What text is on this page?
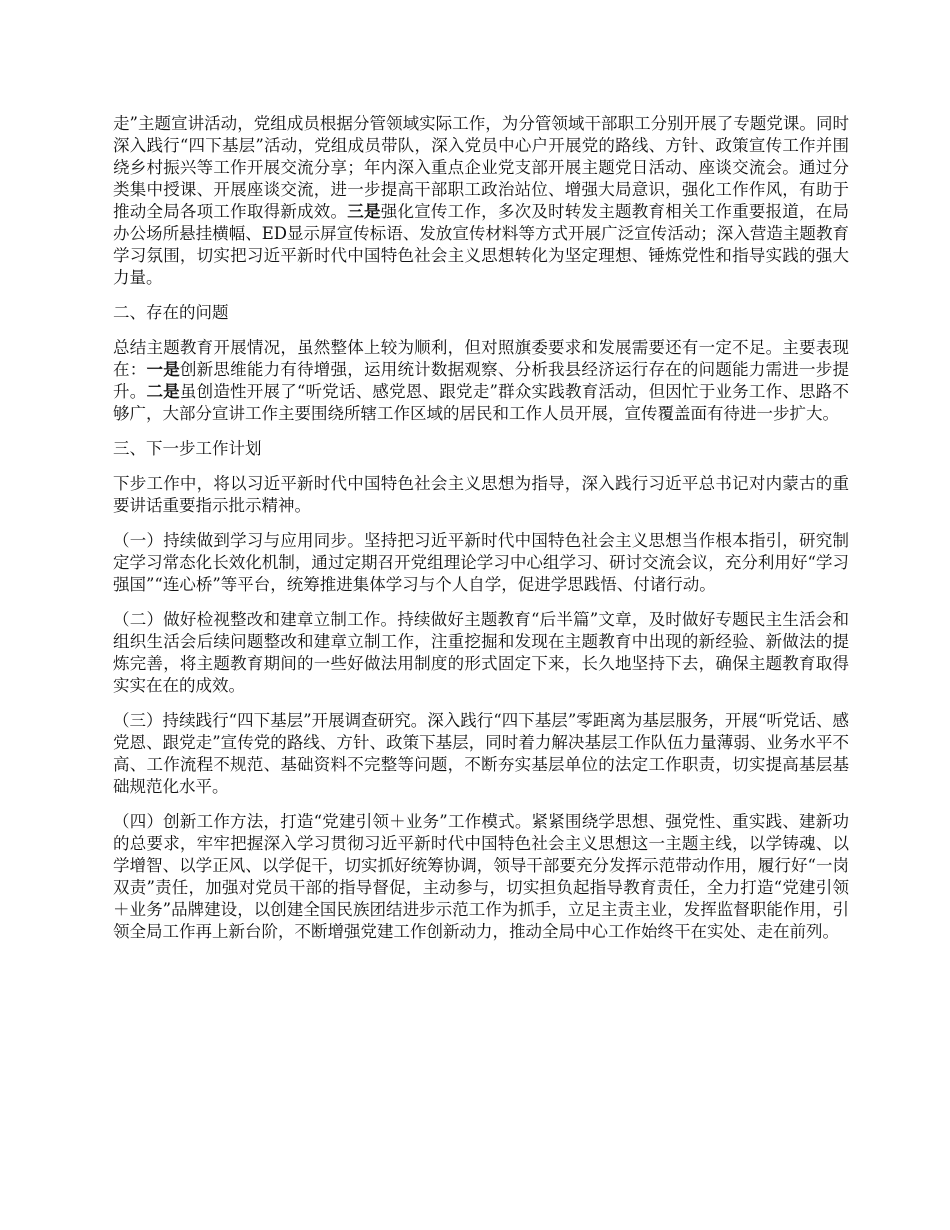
走”主题宣讲活动，党组成员根据分管领域实际工作，为分管领域干部职工分别开展了专题党课。同时深入践行“四下基层”活动，党组成员带队，深入党员中心户开展党的路线、方针、政策宣传工作并围绕乡村振兴等工作开展交流分享；年内深入重点企业党支部开展主题党日活动、座谈交流会。通过分类集中授课、开展座谈交流，进一步提高干部职工政治站位、增强大局意识，强化工作作风，有助于推动全局各项工作取得新成效。三是强化宣传工作，多次及时转发主题教育相关工作重要报道，在局办公场所悬挂横幅、ED显示屏宣传标语、发放宣传材料等方式开展广泛宣传活动；深入营造主题教育学习氛围，切实把习近平新时代中国特色社会主义思想转化为坚定理想、锤炼党性和指导实践的强大力量。

二、存在的问题

总结主题教育开展情况，虽然整体上较为顺利，但对照旗委要求和发展需要还有一定不足。主要表现在：一是创新思维能力有待增强，运用统计数据观察、分析我县经济运行存在的问题能力需进一步提升。二是虽创造性开展了“听党话、感党恩、跟党走”群众实践教育活动，但因忙于业务工作、思路不够广，大部分宣讲工作主要围绕所辖工作区域的居民和工作人员开展，宣传覆盖面有待进一步扩大。

三、下一步工作计划

下步工作中，将以习近平新时代中国特色社会主义思想为指导，深入践行习近平总书记对内蒙古的重要讲话重要指示批示精神。

（一）持续做到学习与应用同步。坚持把习近平新时代中国特色社会主义思想当作根本指引，研究制定学习常态化长效化机制，通过定期召开党组理论学习中心组学习、研讨交流会议，充分利用好“学习强国”“连心桥”等平台，统筹推进集体学习与个人自学，促进学思践悟、付诸行动。

（二）做好检视整改和建章立制工作。持续做好主题教育“后半篇”文章，及时做好专题民主生活会和组织生活会后续问题整改和建章立制工作，注重挖掘和发现在主题教育中出现的新经验、新做法的提炼完善，将主题教育期间的一些好做法用制度的形式固定下来，长久地坚持下去，确保主题教育取得实实在在的成效。

（三）持续践行“四下基层”开展调查研究。深入践行“四下基层”零距离为基层服务，开展“听党话、感党恩、跟党走”宣传党的路线、方针、政策下基层，同时着力解决基层工作队伍力量薄弱、业务水平不高、工作流程不规范、基础资料不完整等问题，不断夯实基层单位的法定工作职责，切实提高基层基础规范化水平。

（四）创新工作方法，打造“党建引领＋业务”工作模式。紧紧围绕学思想、强党性、重实践、建新功的总要求，牢牢把握深入学习贯彻习近平新时代中国特色社会主义思想这一主题主线，以学铸魂、以学增智、以学正风、以学促干，切实抓好统筹协调，领导干部要充分发挥示范带动作用，履行好“一岗双责”责任，加强对党员干部的指导督促，主动参与，切实担负起指导教育责任，全力打造“党建引领＋业务”品牌建设，以创建全国民族团结进步示范工作为抓手，立足主责主业，发挥监督职能作用，引领全局工作再上新台阶，不断增强党建工作创新动力，推动全局中心工作始终干在实处、走在前列。
